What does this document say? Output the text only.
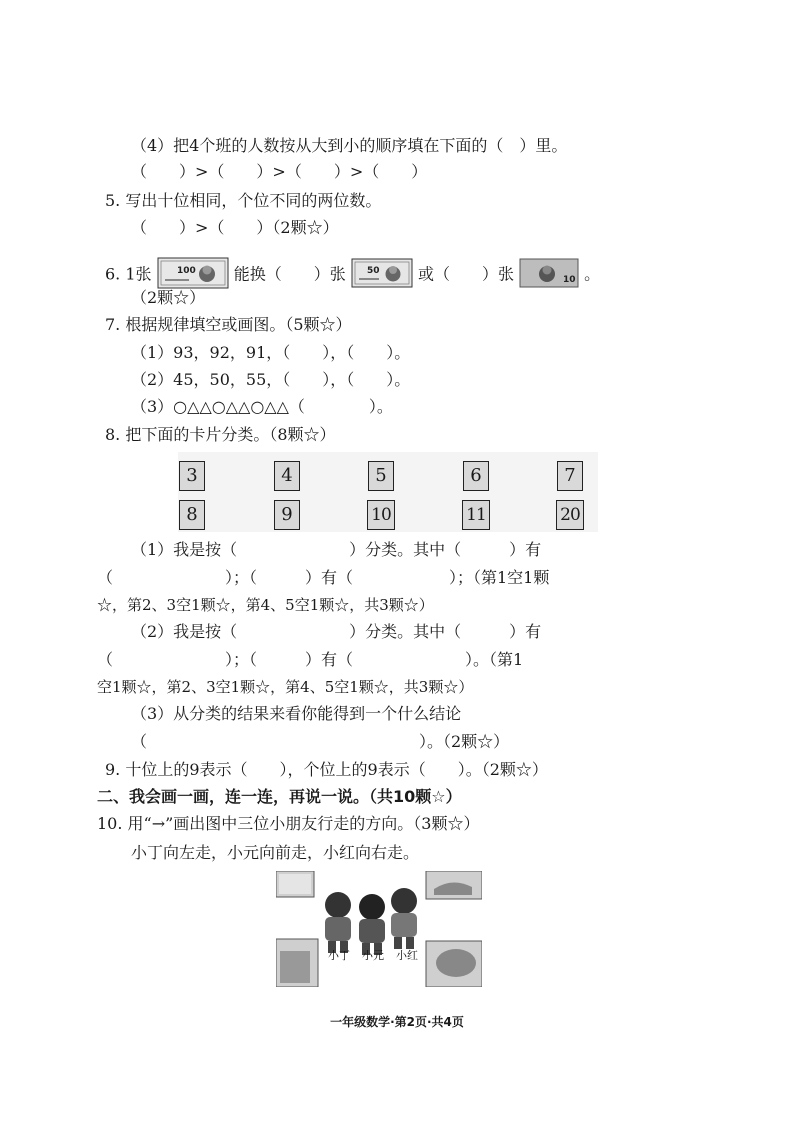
（4）把4个班的人数按从大到小的顺序填在下面的（　）里。
（　　）>（　　）>（　　）>（　　）
5. 写出十位相同，个位不同的两位数。
（　　）>（　　）（2颗☆）
6. 1张	100 能换（　　）张 50 或（　　）张	10 。
（2颗☆）
7. 根据规律填空或画图。（5颗☆）
（1）93，92，91，（　　），（　　）。
（2）45，50，55，（　　），（　　）。
（3）○△△○△△○△△（　　　　）。
8. 把下面的卡片分类。（8颗☆）
3	4	5	6	7
8	9	10	11	20
（1）我是按（　　　　　　　）分类。其中（　　　）有
（　　　　　　　）；（　　　）有（　　　　　　）；（第1空1颗
☆，第2、3空1颗☆，第4、5空1颗☆，共3颗☆）
（2）我是按（　　　　　　　）分类。其中（　　　）有
（　　　　　　　）；（　　　）有（　　　　　　　）。（第1
空1颗☆，第2、3空1颗☆，第4、5空1颗☆，共3颗☆）
（3）从分类的结果来看你能得到一个什么结论
（　　　　　　　　　　　　　　　　　）。（2颗☆）
9. 十位上的9表示（　　），个位上的9表示（　　）。（2颗☆）
二、我会画一画，连一连，再说一说。（共10颗☆）
10. 用“→”画出图中三位小朋友行走的方向。（3颗☆）
小丁向左走，小元向前走，小红向右走。
小丁 小元 小红
一年级数学·第2页·共4页
